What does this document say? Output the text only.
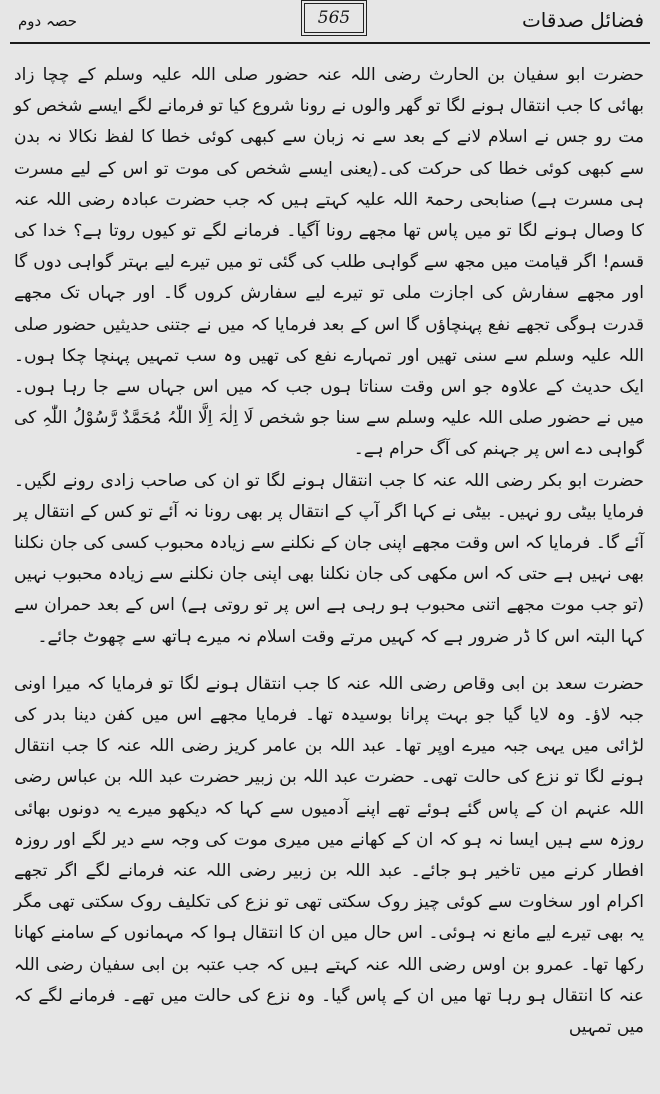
فضائل صدقات
565
حصہ دوم

حضرت ابو سفیان بن الحارث رضی اللہ عنہ حضور صلی اللہ علیہ وسلم کے چچا زاد بھائی کا جب انتقال ہونے لگا تو گھر والوں نے رونا شروع کیا تو فرمانے لگے ایسے شخص کو مت رو جس نے اسلام لانے کے بعد سے نہ زبان سے کبھی کوئی خطا کا لفظ نکالا نہ بدن سے کبھی کوئی خطا کی حرکت کی۔(یعنی ایسے شخص کی موت تو اس کے لیے مسرت ہی مسرت ہے) صنابحی رحمۃ اللہ علیہ کہتے ہیں کہ جب حضرت عبادہ رضی اللہ عنہ کا وصال ہونے لگا تو میں پاس تھا مجھے رونا آگیا۔ فرمانے لگے تو کیوں روتا ہے؟ خدا کی قسم! اگر قیامت میں مجھ سے گواہی طلب کی گئی تو میں تیرے لیے بہتر گواہی دوں گا اور مجھے سفارش کی اجازت ملی تو تیرے لیے سفارش کروں گا۔ اور جہاں تک مجھے قدرت ہوگی تجھے نفع پہنچاؤں گا اس کے بعد فرمایا کہ میں نے جتنی حدیثیں حضور صلی اللہ علیہ وسلم سے سنی تھیں اور تمہارے نفع کی تھیں وہ سب تمہیں پہنچا چکا ہوں۔ ایک حدیث کے علاوہ جو اس وقت سناتا ہوں جب کہ میں اس جہاں سے جا رہا ہوں۔ میں نے حضور صلی اللہ علیہ وسلم سے سنا جو شخص لَا اِلٰہَ اِلَّا اللّٰہُ مُحَمَّدٌ رَّسُوْلُ اللّٰہِ کی گواہی دے اس پر جہنم کی آگ حرام ہے۔

حضرت ابو بکر رضی اللہ عنہ کا جب انتقال ہونے لگا تو ان کی صاحب زادی رونے لگیں۔ فرمایا بیٹی رو نہیں۔ بیٹی نے کہا اگر آپ کے انتقال پر بھی رونا نہ آئے تو کس کے انتقال پر آئے گا۔ فرمایا کہ اس وقت مجھے اپنی جان کے نکلنے سے زیادہ محبوب کسی کی جان نکلنا بھی نہیں ہے حتی کہ اس مکھی کی جان نکلنا بھی اپنی جان نکلنے سے زیادہ محبوب نہیں (تو جب موت مجھے اتنی محبوب ہو رہی ہے اس پر تو روتی ہے) اس کے بعد حمران سے کہا البتہ اس کا ڈر ضرور ہے کہ کہیں مرتے وقت اسلام نہ میرے ہاتھ سے چھوٹ جائے۔

حضرت سعد بن ابی وقاص رضی اللہ عنہ کا جب انتقال ہونے لگا تو فرمایا کہ میرا اونی جبہ لاؤ۔ وہ لایا گیا جو بہت پرانا بوسیدہ تھا۔ فرمایا مجھے اس میں کفن دینا بدر کی لڑائی میں یہی جبہ میرے اوپر تھا۔ عبد اللہ بن عامر کریز رضی اللہ عنہ کا جب انتقال ہونے لگا تو نزع کی حالت تھی۔ حضرت عبد اللہ بن زبیر حضرت عبد اللہ بن عباس رضی اللہ عنہم ان کے پاس گئے ہوئے تھے اپنے آدمیوں سے کہا کہ دیکھو میرے یہ دونوں بھائی روزہ سے ہیں ایسا نہ ہو کہ ان کے کھانے میں میری موت کی وجہ سے دیر لگے اور روزہ افطار کرنے میں تاخیر ہو جائے۔ عبد اللہ بن زبیر رضی اللہ عنہ فرمانے لگے اگر تجھے اکرام اور سخاوت سے کوئی چیز روک سکتی تھی تو نزع کی تکلیف روک سکتی تھی مگر یہ بھی تیرے لیے مانع نہ ہوئی۔ اس حال میں ان کا انتقال ہوا کہ مہمانوں کے سامنے کھانا رکھا تھا۔ عمرو بن اوس رضی اللہ عنہ کہتے ہیں کہ جب عتبہ بن ابی سفیان رضی اللہ عنہ کا انتقال ہو رہا تھا میں ان کے پاس گیا۔ وہ نزع کی حالت میں تھے۔ فرمانے لگے کہ میں تمہیں
